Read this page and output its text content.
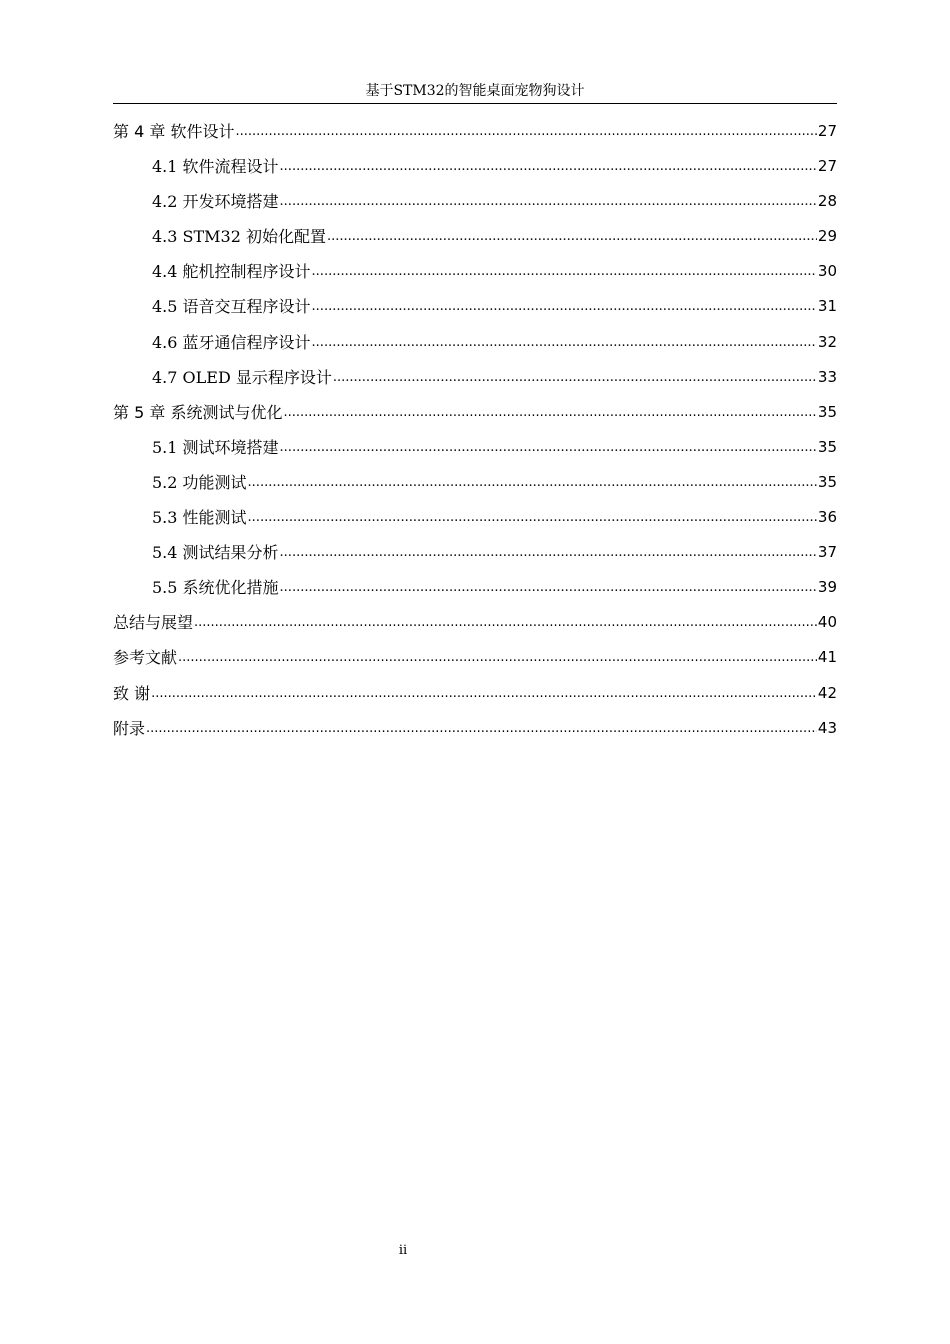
基于STM32的智能桌面宠物狗设计
第 4 章 软件设计 .....	27
4.1 软件流程设计 .....	27
4.2 开发环境搭建 .....	28
4.3 STM32 初始化配置 .....	29
4.4 舵机控制程序设计 .....	30
4.5 语音交互程序设计 .....	31
4.6 蓝牙通信程序设计 .....	32
4.7 OLED 显示程序设计 .....	33
第 5 章 系统测试与优化 .....	35
5.1 测试环境搭建 .....	35
5.2 功能测试 .....	35
5.3 性能测试 .....	36
5.4 测试结果分析 .....	37
5.5 系统优化措施 .....	39
总结与展望 .....	40
参考文献 .....	41
致 谢 .....	42
附录 .....	43
ii
